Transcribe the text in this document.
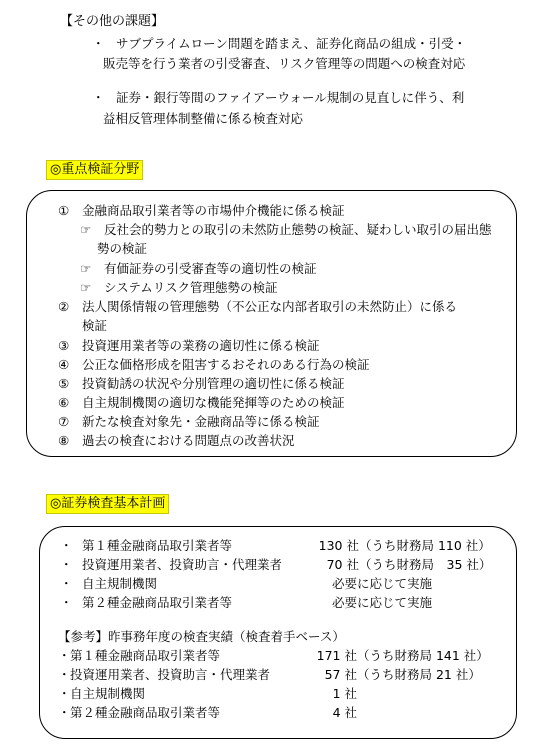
【その他の課題】
・ サブプライムローン問題を踏まえ、証券化商品の組成・引受・
販売等を行う業者の引受審査、リスク管理等の問題への検査対応
・ 証券・銀行等間のファイアーウォール規制の見直しに伴う、利
益相反管理体制整備に係る検査対応
◎重点検証分野
① 金融商品取引業者等の市場仲介機能に係る検証
☞ 反社会的勢力との取引の未然防止態勢の検証、疑わしい取引の届出態
勢の検証
☞ 有価証券の引受審査等の適切性の検証
☞ システムリスク管理態勢の検証
② 法人関係情報の管理態勢（不公正な内部者取引の未然防止）に係る
検証
③ 投資運用業者等の業務の適切性に係る検証
④ 公正な価格形成を阻害するおそれのある行為の検証
⑤ 投資勧誘の状況や分別管理の適切性に係る検証
⑥ 自主規制機関の適切な機能発揮等のための検証
⑦ 新たな検査対象先・金融商品等に係る検証
⑧ 過去の検査における問題点の改善状況
◎証券検査基本計画
・ 第１種金融商品取引業者等	130 社（うち財務局 110 社）
・ 投資運用業者、投資助言・代理業者	70 社（うち財務局　35 社）
・ 自主規制機関	必要に応じて実施
・ 第２種金融商品取引業者等	必要に応じて実施
【参考】昨事務年度の検査実績（検査着手ベース）
・第１種金融商品取引業者等	171 社（うち財務局 141 社）
・投資運用業者、投資助言・代理業者	57 社（うち財務局 21 社）
・自主規制機関	1 社
・第２種金融商品取引業者等	4 社
